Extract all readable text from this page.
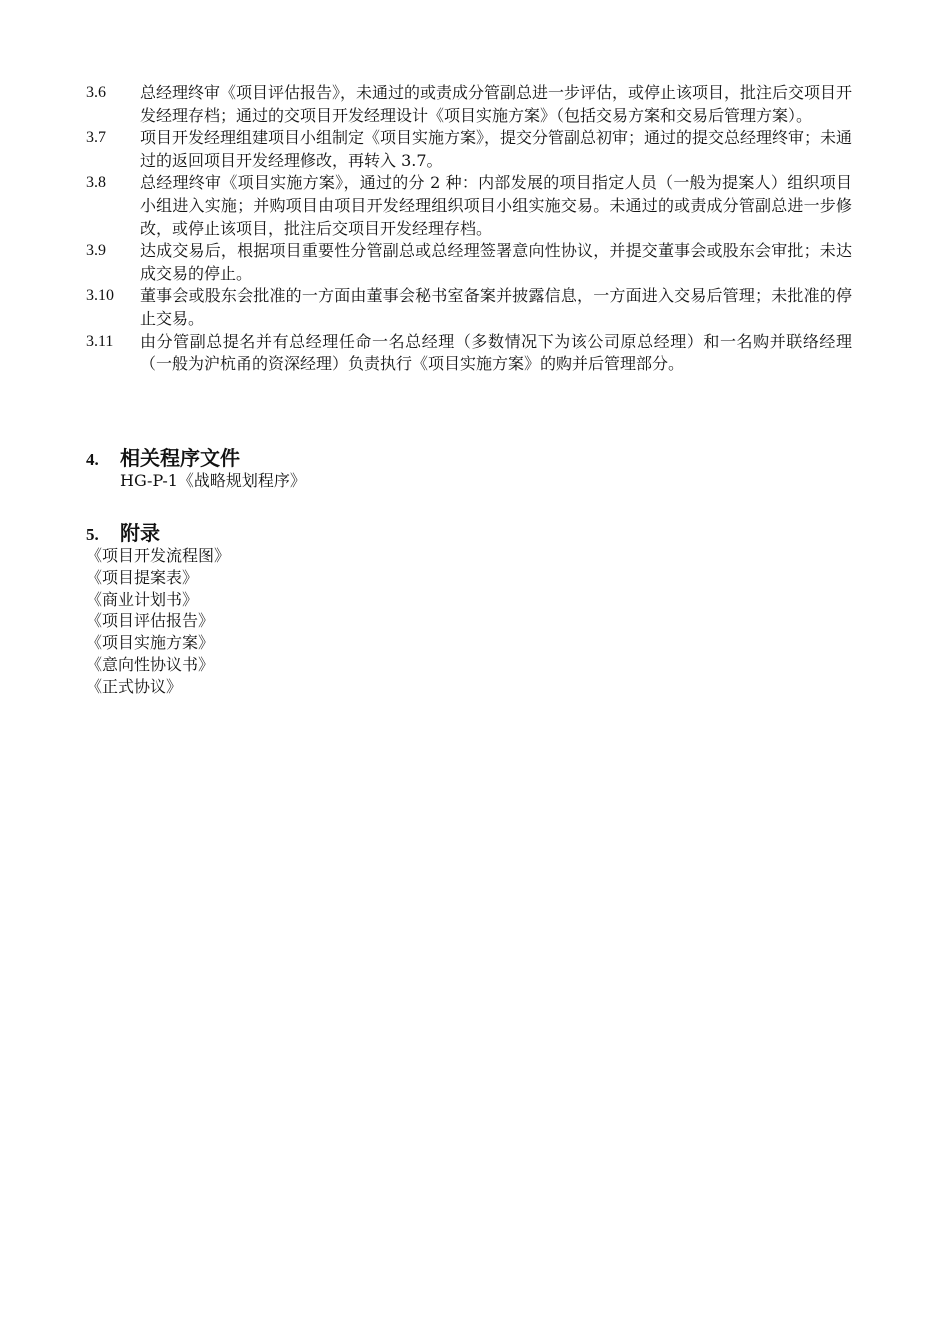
3.6	总经理终审《项目评估报告》，未通过的或责成分管副总进一步评估，或停止该项目，批注后交项目开发经理存档；通过的交项目开发经理设计《项目实施方案》（包括交易方案和交易后管理方案）。
3.7	项目开发经理组建项目小组制定《项目实施方案》，提交分管副总初审；通过的提交总经理终审；未通过的返回项目开发经理修改，再转入 3.7。
3.8	总经理终审《项目实施方案》，通过的分 2 种：内部发展的项目指定人员（一般为提案人）组织项目小组进入实施；并购项目由项目开发经理组织项目小组实施交易。未通过的或责成分管副总进一步修改，或停止该项目，批注后交项目开发经理存档。
3.9	达成交易后，根据项目重要性分管副总或总经理签署意向性协议，并提交董事会或股东会审批；未达成交易的停止。
3.10	董事会或股东会批准的一方面由董事会秘书室备案并披露信息，一方面进入交易后管理；未批准的停止交易。
3.11	由分管副总提名并有总经理任命一名总经理（多数情况下为该公司原总经理）和一名购并联络经理（一般为沪杭甬的资深经理）负责执行《项目实施方案》的购并后管理部分。
4.	相关程序文件
HG-P-1《战略规划程序》
5.	附录
《项目开发流程图》
《项目提案表》
《商业计划书》
《项目评估报告》
《项目实施方案》
《意向性协议书》
《正式协议》
